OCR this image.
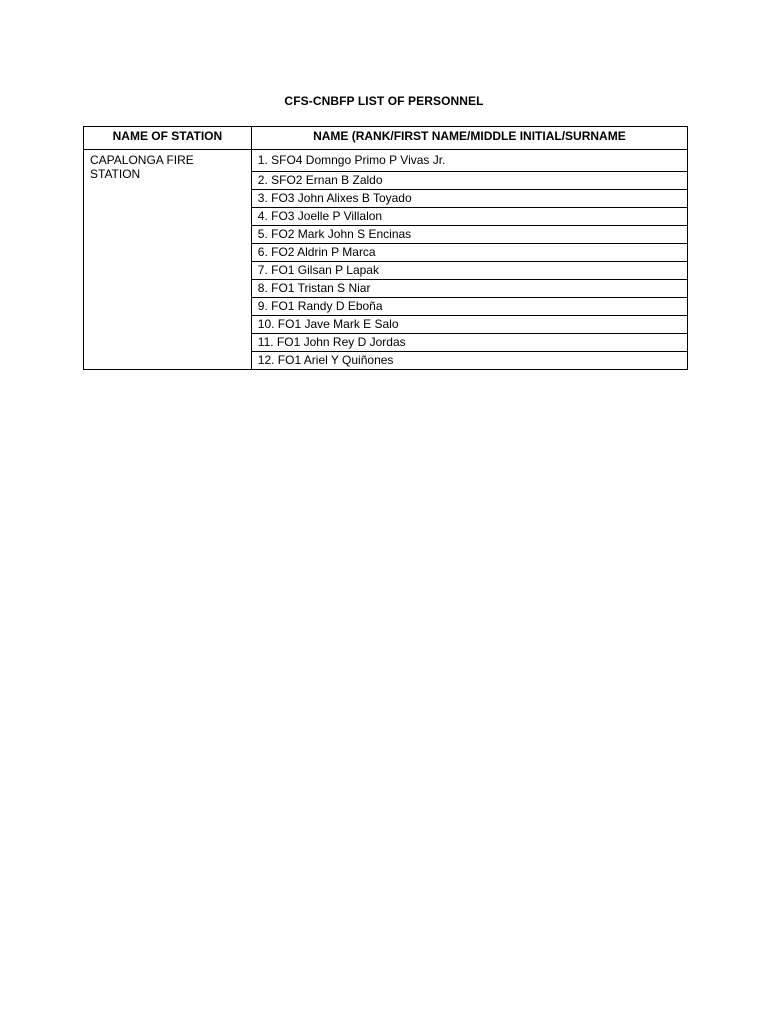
CFS-CNBFP LIST OF PERSONNEL
NAME OF STATION	NAME (RANK/FIRST NAME/MIDDLE INITIAL/SURNAME
CAPALONGA FIRE STATION	1. SFO4 Domngo Primo P Vivas Jr.
	2. SFO2 Ernan B Zaldo
	3. FO3 John Alixes B Toyado
	4. FO3 Joelle P Villalon
	5. FO2 Mark John S Encinas
	6. FO2 Aldrin P Marca
	7. FO1 Gilsan P Lapak
	8. FO1 Tristan S Niar
	9. FO1 Randy D Eboña
	10. FO1 Jave Mark E Salo
	11. FO1 John Rey D Jordas
	12. FO1 Ariel Y Quiñones
